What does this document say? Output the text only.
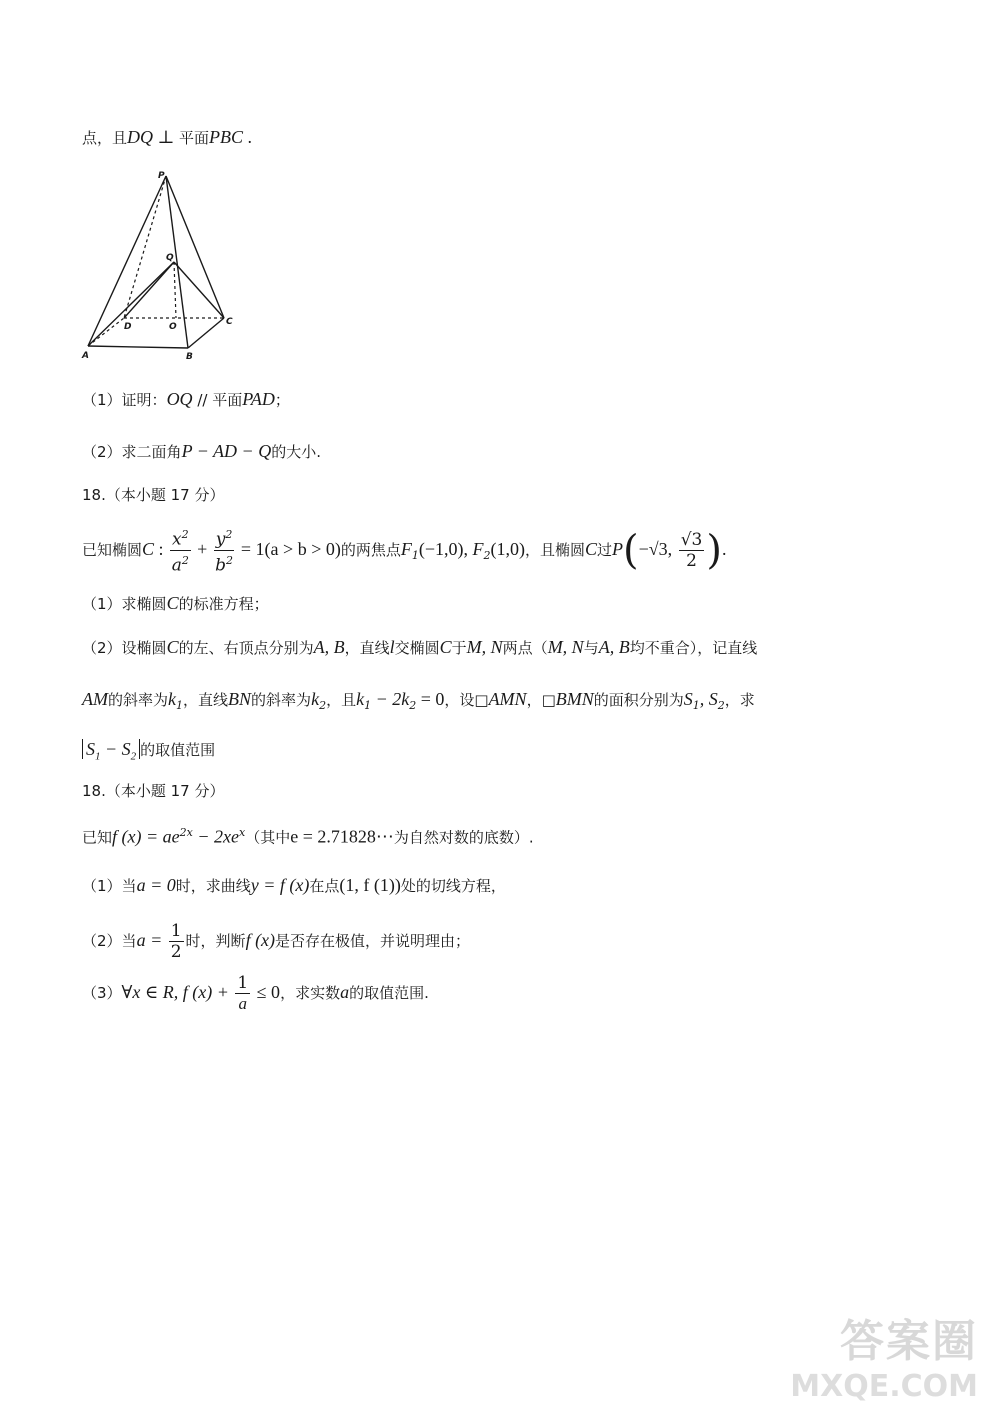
点，且DQ ⊥ 平面PBC .
P
Q
D	O	C
A	B
（1）证明：OQ // 平面PAD；
（2）求二面角P − AD − Q的大小.
18.（本小题 17 分）
已知椭圆C : $\frac{x^2}{a^2} + \frac{y^2}{b^2} = 1(a > b > 0)$的两焦点$F_1(-1,0)$, $F_2(1,0)$，且椭圆C过P(−√3, $\frac{√3}{2}$ ).
（1）求椭圆C的标准方程；
（2）设椭圆C的左、右顶点分别为A, B，直线l交椭圆C于M, N两点（M, N与A, B均不重合），记直线
AM的斜率为$k_1$，直线BN的斜率为$k_2$，且$k_1 - 2k_2 = 0$，设□AMN，□BMN的面积分别为$S_1$, $S_2$，求
$S_1 - S_2$ 的取值范围
18.（本小题 17 分）
已知f $(x) = ae^{2x} - 2xe^x$（其中e = 2.71828⋯为自然对数的底数）.
（1）当a = 0时，求曲线y = f (x)在点(1, f (1))处的切线方程，
（2）当$a = \frac{1}{2}$ 时，判断f (x)是否存在极值，并说明理由；
（3）∀x ∈ R, f $(x) + \frac{1}{a} \le 0$，求实数a的取值范围.
答案圈
MXQE.COM
